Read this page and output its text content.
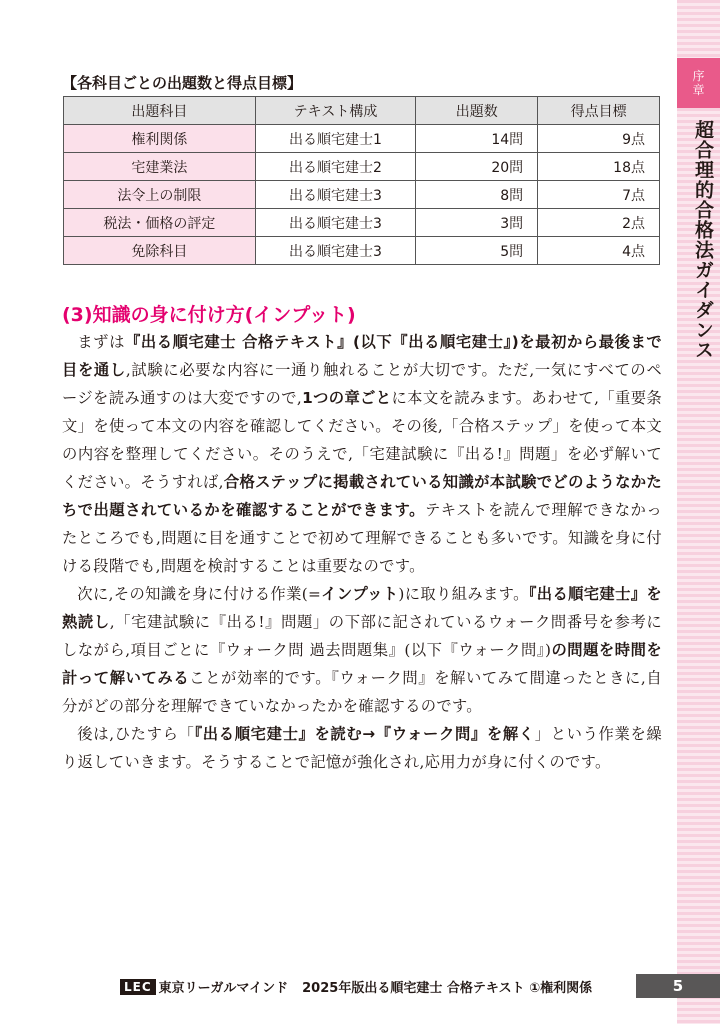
序
章
超合理的合格法ガイダンス
【各科目ごとの出題数と得点目標】
出題科目	テキスト構成	出題数	得点目標
権利関係	出る順宅建士1	14問	9点
宅建業法	出る順宅建士2	20問	18点
法令上の制限	出る順宅建士3	8問	7点
税法・価格の評定	出る順宅建士3	3問	2点
免除科目	出る順宅建士3	5問	4点
(3)知識の身に付け方(インプット)

まずは『出る順宅建士 合格テキスト』(以下『出る順宅建士』)を最初から最後まで目を通し,試験に必要な内容に一通り触れることが大切です。ただ,一気にすべてのページを読み通すのは大変ですので,1つの章ごとに本文を読みます。あわせて,「重要条文」を使って本文の内容を確認してください。その後,「合格ステップ」を使って本文の内容を整理してください。そのうえで,「宅建試験に『出る!』問題」を必ず解いてください。そうすれば,合格ステップに掲載されている知識が本試験でどのようなかたちで出題されているかを確認することができます。テキストを読んで理解できなかったところでも,問題に目を通すことで初めて理解できることも多いです。知識を身に付ける段階でも,問題を検討することは重要なのです。

次に,その知識を身に付ける作業(=インプット)に取り組みます。『出る順宅建士』を熟読し,「宅建試験に『出る!』問題」の下部に記されているウォーク問番号を参考にしながら,項目ごとに『ウォーク問 過去問題集』(以下『ウォーク問』)の問題を時間を計って解いてみることが効率的です。『ウォーク問』を解いてみて間違ったときに,自分がどの部分を理解できていなかったかを確認するのです。

後は,ひたすら「『出る順宅建士』を読む→『ウォーク問』を解く」という作業を繰り返していきます。そうすることで記憶が強化され,応用力が身に付くのです。

LEC 東京リーガルマインド 2025年版出る順宅建士 合格テキスト ①権利関係	5
